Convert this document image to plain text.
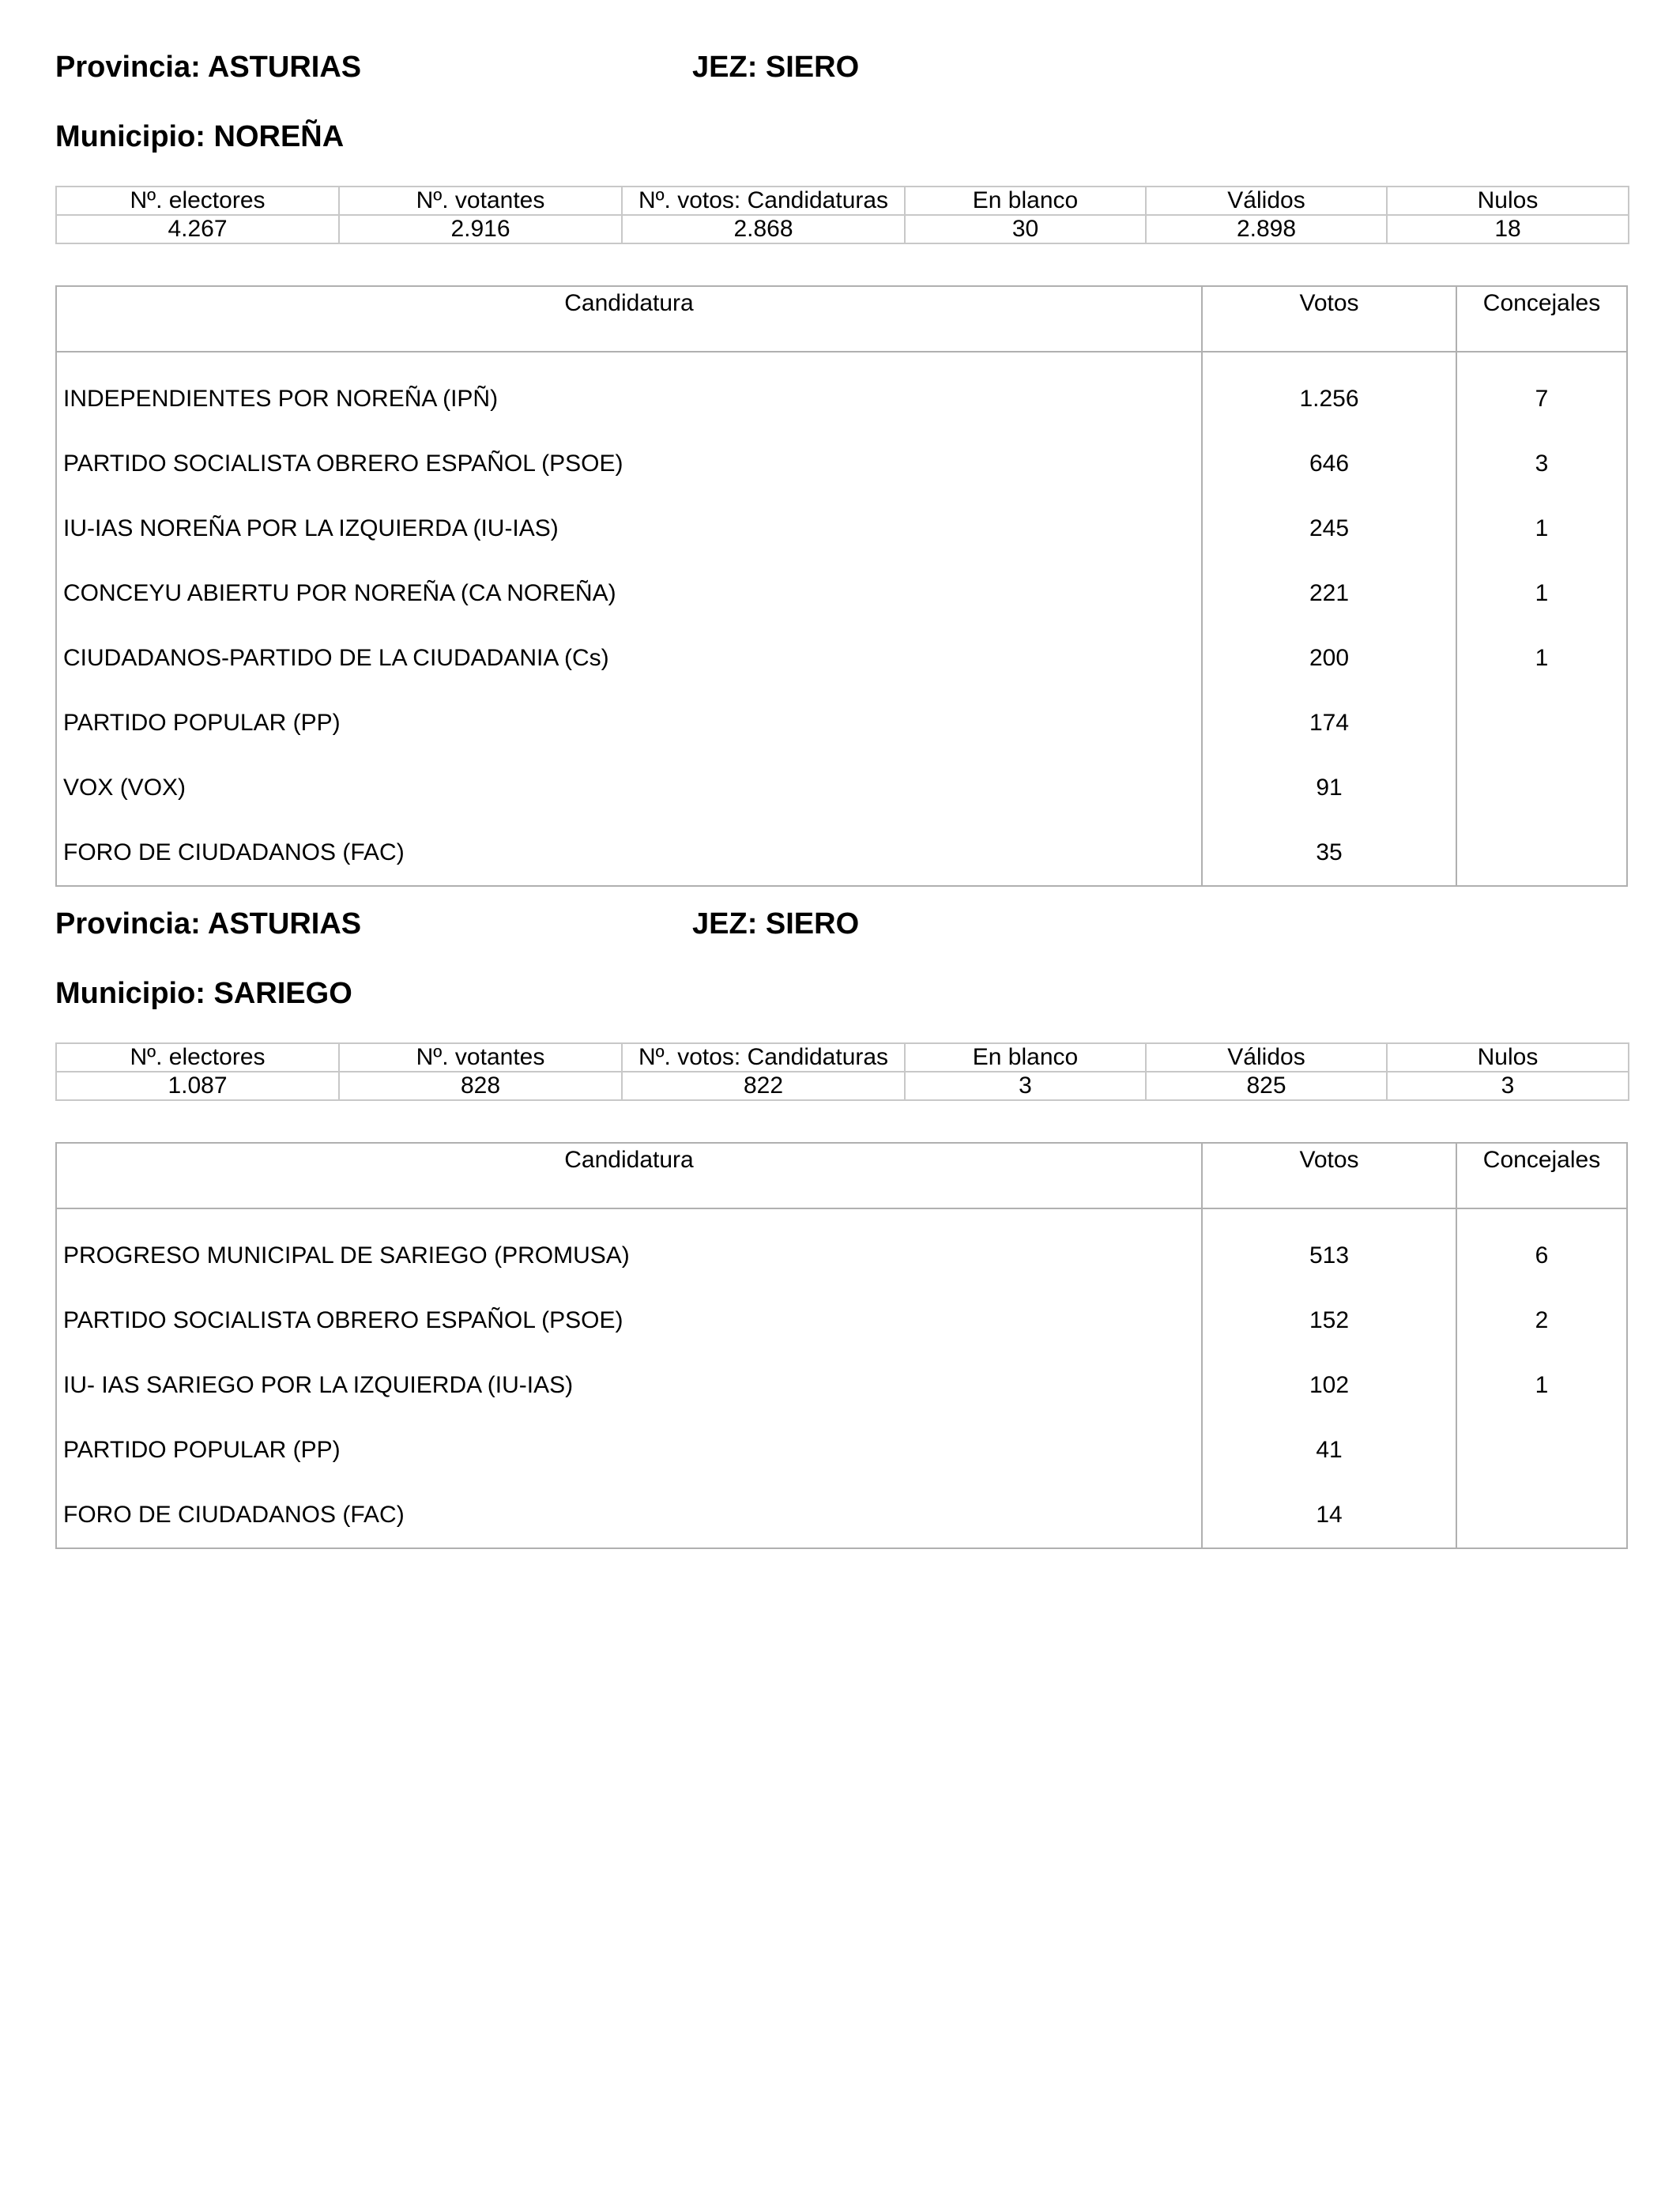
Provincia: ASTURIAS	JEZ: SIERO
Municipio: NOREÑA
Nº. electores	Nº. votantes	Nº. votos: Candidaturas	En blanco	Válidos	Nulos
4.267	2.916	2.868	30	2.898	18
Candidatura	Votos	Concejales

INDEPENDIENTES POR NOREÑA (IPÑ)	1.256	7
PARTIDO SOCIALISTA OBRERO ESPAÑOL (PSOE)	646	3
IU-IAS NOREÑA POR LA IZQUIERDA (IU-IAS)	245	1
CONCEYU ABIERTU POR NOREÑA (CA NOREÑA)	221	1
CIUDADANOS-PARTIDO DE LA CIUDADANIA (Cs)	200	1
PARTIDO POPULAR (PP)	174	
VOX (VOX)	91	
FORO DE CIUDADANOS (FAC)	35	
Provincia: ASTURIAS	JEZ: SIERO
Municipio: SARIEGO
Nº. electores	Nº. votantes	Nº. votos: Candidaturas	En blanco	Válidos	Nulos
1.087	828	822	3	825	3
Candidatura	Votos	Concejales

PROGRESO MUNICIPAL DE SARIEGO (PROMUSA)	513	6
PARTIDO SOCIALISTA OBRERO ESPAÑOL (PSOE)	152	2
IU- IAS SARIEGO POR LA IZQUIERDA (IU-IAS)	102	1
PARTIDO POPULAR (PP)	41	
FORO DE CIUDADANOS (FAC)	14	
